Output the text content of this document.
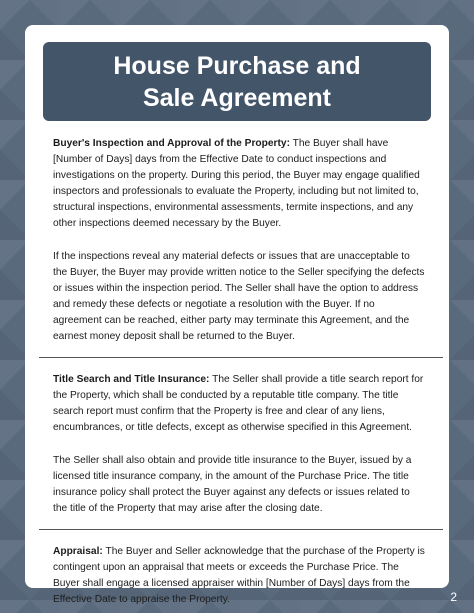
House Purchase and
Sale Agreement

Buyer's Inspection and Approval of the Property: The Buyer shall have [Number of Days] days from the Effective Date to conduct inspections and investigations on the property. During this period, the Buyer may engage qualified inspectors and professionals to evaluate the Property, including but not limited to, structural inspections, environmental assessments, termite inspections, and any other inspections deemed necessary by the Buyer.

If the inspections reveal any material defects or issues that are unacceptable to the Buyer, the Buyer may provide written notice to the Seller specifying the defects or issues within the inspection period. The Seller shall have the option to address and remedy these defects or negotiate a resolution with the Buyer. If no agreement can be reached, either party may terminate this Agreement, and the earnest money deposit shall be returned to the Buyer.

Title Search and Title Insurance: The Seller shall provide a title search report for the Property, which shall be conducted by a reputable title company. The title search report must confirm that the Property is free and clear of any liens, encumbrances, or title defects, except as otherwise specified in this Agreement.

The Seller shall also obtain and provide title insurance to the Buyer, issued by a licensed title insurance company, in the amount of the Purchase Price. The title insurance policy shall protect the Buyer against any defects or issues related to the title of the Property that may arise after the closing date.

Appraisal: The Buyer and Seller acknowledge that the purchase of the Property is contingent upon an appraisal that meets or exceeds the Purchase Price. The Buyer shall engage a licensed appraiser within [Number of Days] days from the Effective Date to appraise the Property.	2
